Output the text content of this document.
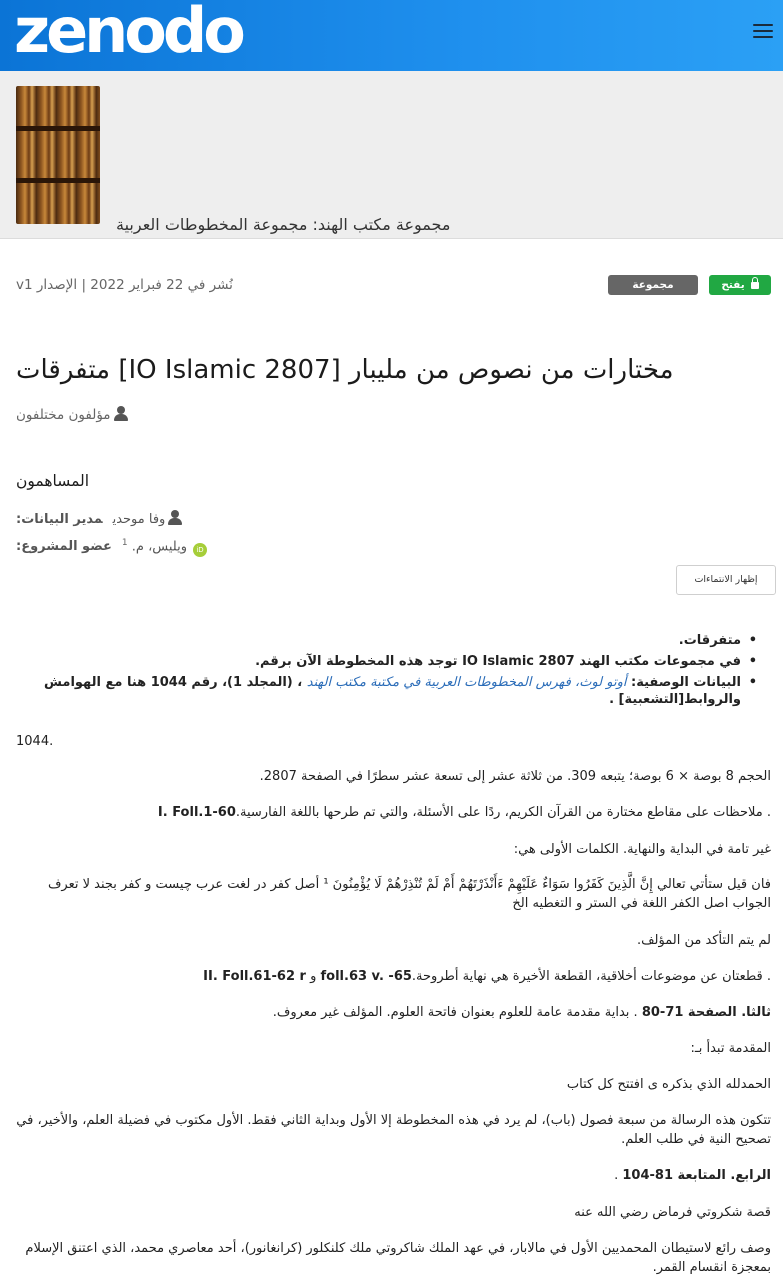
zenodo
مجموعة مكتب الهند: مجموعة المخطوطات العربية
يفتح
مجموعة البيانات
نُشر في 22 فبراير 2022 | الإصدار v1
مختارات من نصوص من مليبار [IO Islamic 2807] متفرقات
مؤلفون مختلفون
المساهمون
وفا موحديمدير البيانات:
iDويليس، م. $^1$عضو المشروع:
إظهار الانتماءات
• متفرقات.
• في مجموعات مكتب الهند IO Islamic 2807 توجد هذه المخطوطة الآن برقم.
• البيانات الوصفية: أوتو لوث، فهرس المخطوطات العربية في مكتبة مكتب الهند ، (المجلد 1)، رقم 1044 هنا مع الهوامش والروابط[التشعبية] .
1044.
الحجم 8 بوصة × 6 بوصة؛ يتبعه 309. من ثلاثة عشر إلى تسعة عشر سطرًا في الصفحة 2807.
. ملاحظات على مقاطع مختارة من القرآن الكريم، ردًا على الأسئلة، والتي تم طرحها باللغة الفارسية.I. Foll.1-60
غير تامة في البداية والنهاية. الكلمات الأولى هي:
فان قيل ستأتي تعالي إِنَّ الَّذِينَ كَفَرُوا سَوَاءٌ عَلَيْهِمْ ءَأَنْذَرْتَهُمْ أَمْ لَمْ تُنْذِرْهُمْ لَا يُؤْمِنُونَ ¹ أصل كفر در لغت عرب چيست و كفر بجند لا تعرف الجواب اصل الكفر اللغة في الستر و التغطيه الخ
لم يتم التأكد من المؤلف.
. قطعتان عن موضوعات أخلاقية، القطعة الأخيرة هي نهاية أطروحة.foll.63 v. -65 و II. Foll.61-62 r
ثالثا. الصفحة 71-80 . بداية مقدمة عامة للعلوم بعنوان فاتحة العلوم. المؤلف غير معروف.
المقدمة تبدأ بـ:
الحمدلله الذي بذكره ى افتتح كل كتاب
تتكون هذه الرسالة من سبعة فصول (باب)، لم يرد في هذه المخطوطة إلا الأول وبداية الثاني فقط. الأول مكتوب في فضيلة العلم، والأخير، في تصحيح النية في طلب العلم.
الرابع. المتابعة 81-104 .
قصة شكروتي فرماض رضي الله عنه
وصف رائع لاستيطان المحمديين الأول في مالابار، في عهد الملك شاكروتي ملك كلنكلور (كرانغانور)، أحد معاصري محمد، الذي اعتنق الإسلام بمعجزة انقسام القمر.
